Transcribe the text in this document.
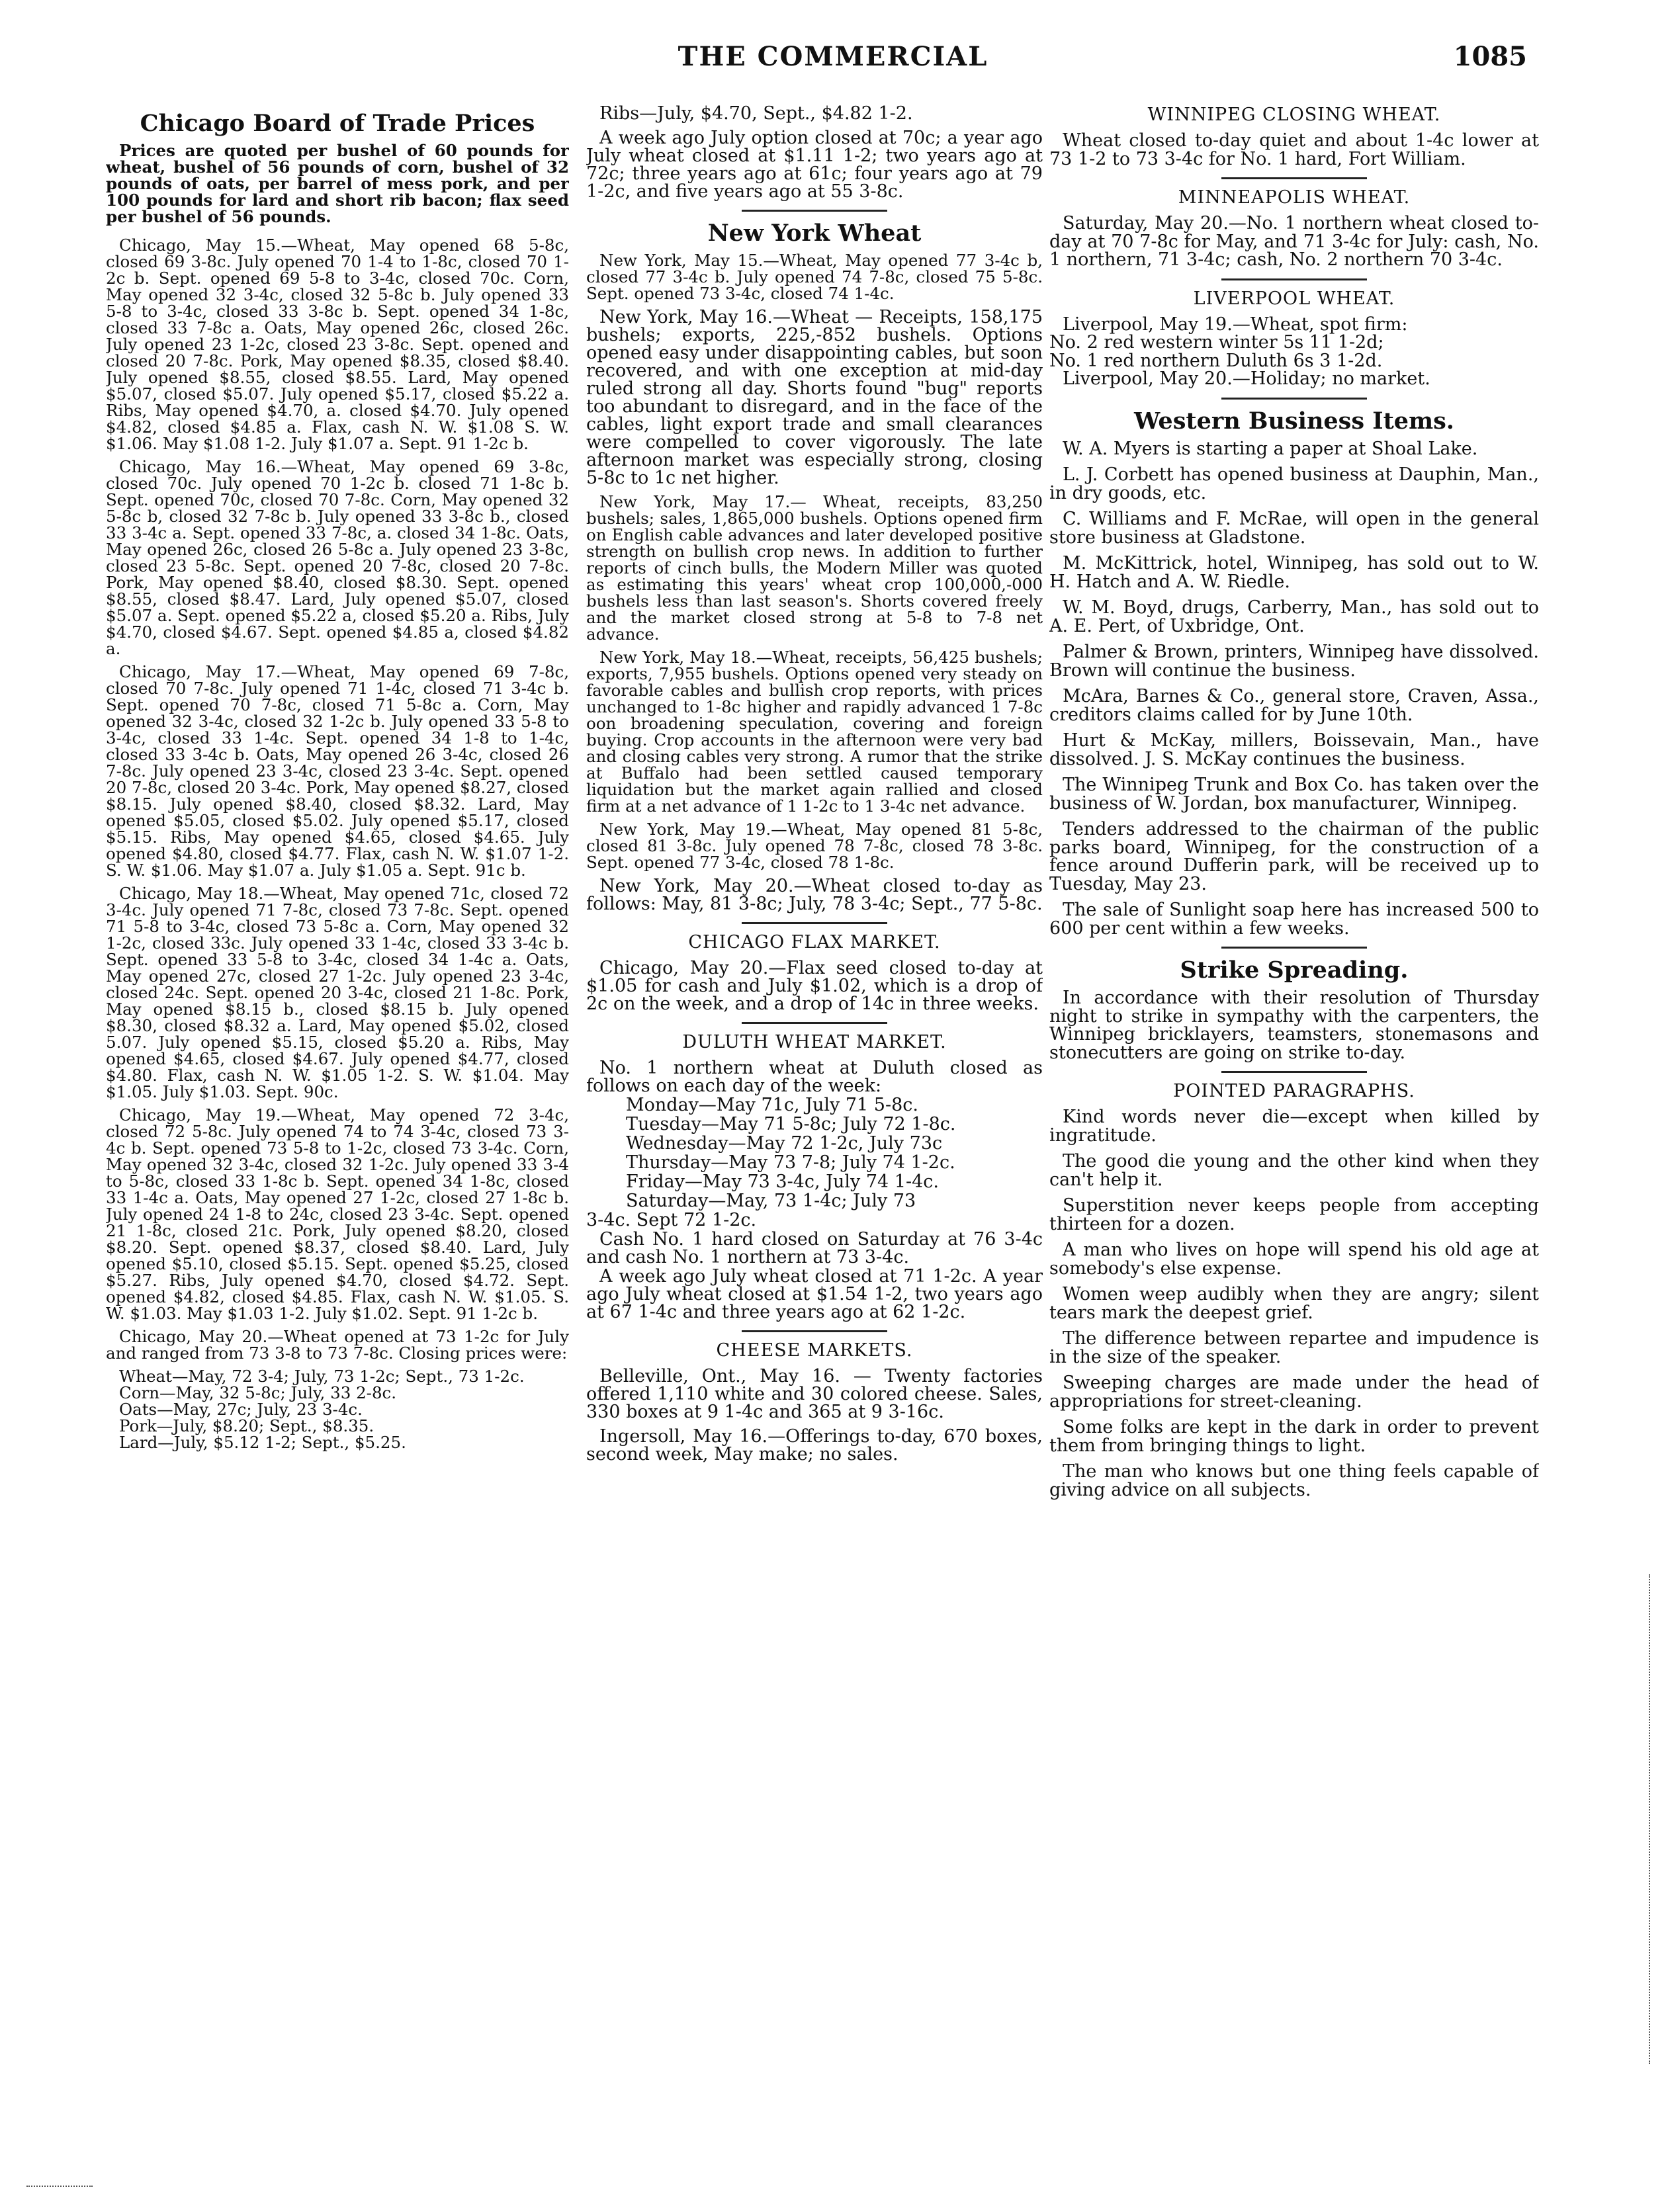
THE COMMERCIAL	1085
Chicago Board of Trade Prices

Prices are quoted per bushel of 60 pounds for wheat, bushel of 56 pounds of corn, bushel of 32 pounds of oats, per barrel of mess pork, and per 100 pounds for lard and short rib bacon; flax seed per bushel of 56 pounds.

Chicago, May 15.—Wheat, May opened 68 5-8c, closed 69 3-8c. July opened 70 1-4 to 1-8c, closed 70 1-2c b. Sept. opened 69 5-8 to 3-4c, closed 70c. Corn, May opened 32 3-4c, closed 32 5-8c b. July opened 33 5-8 to 3-4c, closed 33 3-8c b. Sept. opened 34 1-8c, closed 33 7-8c a. Oats, May opened 26c, closed 26c. July opened 23 1-2c, closed 23 3-8c. Sept. opened and closed 20 7-8c. Pork, May opened $8.35, closed $8.40. July opened $8.55, closed $8.55. Lard, May opened $5.07, closed $5.07. July opened $5.17, closed $5.22 a. Ribs, May opened $4.70, a. closed $4.70. July opened $4.82, closed $4.85 a. Flax, cash N. W. $1.08 S. W. $1.06. May $1.08 1-2. July $1.07 a. Sept. 91 1-2c b.

Chicago, May 16.—Wheat, May opened 69 3-8c, closed 70c. July opened 70 1-2c b. closed 71 1-8c b. Sept. opened 70c, closed 70 7-8c. Corn, May opened 32 5-8c b, closed 32 7-8c b. July opened 33 3-8c b., closed 33 3-4c a. Sept. opened 33 7-8c, a. closed 34 1-8c. Oats, May opened 26c, closed 26 5-8c a. July opened 23 3-8c, closed 23 5-8c. Sept. opened 20 7-8c, closed 20 7-8c. Pork, May opened $8.40, closed $8.30. Sept. opened $8.55, closed $8.47. Lard, July opened $5.07, closed $5.07 a. Sept. opened $5.22 a, closed $5.20 a. Ribs, July $4.70, closed $4.67. Sept. opened $4.85 a, closed $4.82 a.

Chicago, May 17.—Wheat, May opened 69 7-8c, closed 70 7-8c. July opened 71 1-4c, closed 71 3-4c b. Sept. opened 70 7-8c, closed 71 5-8c a. Corn, May opened 32 3-4c, closed 32 1-2c b. July opened 33 5-8 to 3-4c, closed 33 1-4c. Sept. opened 34 1-8 to 1-4c, closed 33 3-4c b. Oats, May opened 26 3-4c, closed 26 7-8c. July opened 23 3-4c, closed 23 3-4c. Sept. opened 20 7-8c, closed 20 3-4c. Pork, May opened $8.27, closed $8.15. July opened $8.40, closed $8.32. Lard, May opened $5.05, closed $5.02. July opened $5.17, closed $5.15. Ribs, May opened $4.65, closed $4.65. July opened $4.80, closed $4.77. Flax, cash N. W. $1.07 1-2. S. W. $1.06. May $1.07 a. July $1.05 a. Sept. 91c b.

Chicago, May 18.—Wheat, May opened 71c, closed 72 3-4c. July opened 71 7-8c, closed 73 7-8c. Sept. opened 71 5-8 to 3-4c, closed 73 5-8c a. Corn, May opened 32 1-2c, closed 33c. July opened 33 1-4c, closed 33 3-4c b. Sept. opened 33 5-8 to 3-4c, closed 34 1-4c a. Oats, May opened 27c, closed 27 1-2c. July opened 23 3-4c, closed 24c. Sept. opened 20 3-4c, closed 21 1-8c. Pork, May opened $8.15 b., closed $8.15 b. July opened $8.30, closed $8.32 a. Lard, May opened $5.02, closed 5.07. July opened $5.15, closed $5.20 a. Ribs, May opened $4.65, closed $4.67. July opened $4.77, closed $4.80. Flax, cash N. W. $1.05 1-2. S. W. $1.04. May $1.05. July $1.03. Sept. 90c.

Chicago, May 19.—Wheat, May opened 72 3-4c, closed 72 5-8c. July opened 74 to 74 3-4c, closed 73 3-4c b. Sept. opened 73 5-8 to 1-2c, closed 73 3-4c. Corn, May opened 32 3-4c, closed 32 1-2c. July opened 33 3-4 to 5-8c, closed 33 1-8c b. Sept. opened 34 1-8c, closed 33 1-4c a. Oats, May opened 27 1-2c, closed 27 1-8c b. July opened 24 1-8 to 24c, closed 23 3-4c. Sept. opened 21 1-8c, closed 21c. Pork, July opened $8.20, closed $8.20. Sept. opened $8.37, closed $8.40. Lard, July opened $5.10, closed $5.15. Sept. opened $5.25, closed $5.27. Ribs, July opened $4.70, closed $4.72. Sept. opened $4.82, closed $4.85. Flax, cash N. W. $1.05. S. W. $1.03. May $1.03 1-2. July $1.02. Sept. 91 1-2c b.

Chicago, May 20.—Wheat opened at 73 1-2c for July and ranged from 73 3-8 to 73 7-8c. Closing prices were:

Wheat—May, 72 3-4; July, 73 1-2c; Sept., 73 1-2c.

Corn—May, 32 5-8c; July, 33 2-8c.

Oats—May, 27c; July, 23 3-4c.

Pork—July, $8.20; Sept., $8.35.

Lard—July, $5.12 1-2; Sept., $5.25.

Ribs—July, $4.70, Sept., $4.82 1-2.

A week ago July option closed at 70c; a year ago July wheat closed at $1.11 1-2; two years ago at 72c; three years ago at 61c; four years ago at 79 1-2c, and five years ago at 55 3-8c.

New York Wheat

New York, May 15.—Wheat, May opened 77 3-4c b, closed 77 3-4c b. July opened 74 7-8c, closed 75 5-8c. Sept. opened 73 3-4c, closed 74 1-4c.

New York, May 16.—Wheat — Receipts, 158,175 bushels; exports, 225,-852 bushels. Options opened easy under disappointing cables, but soon recovered, and with one exception at mid-day ruled strong all day. Shorts found "bug" reports too abundant to disregard, and in the face of the cables, light export trade and small clearances were compelled to cover vigorously. The late afternoon market was especially strong, closing 5-8c to 1c net higher.

New York, May 17.— Wheat, receipts, 83,250 bushels; sales, 1,865,000 bushels. Options opened firm on English cable advances and later developed positive strength on bullish crop news. In addition to further reports of cinch bulls, the Modern Miller was quoted as estimating this years' wheat crop 100,000,-000 bushels less than last season's. Shorts covered freely and the market closed strong at 5-8 to 7-8 net advance.

New York, May 18.—Wheat, receipts, 56,425 bushels; exports, 7,955 bushels. Options opened very steady on favorable cables and bullish crop reports, with prices unchanged to 1-8c higher and rapidly advanced 1 7-8c oon broadening speculation, covering and foreign buying. Crop accounts in the afternoon were very bad and closing cables very strong. A rumor that the strike at Buffalo had been settled caused temporary liquidation but the market again rallied and closed firm at a net advance of 1 1-2c to 1 3-4c net advance.

New York, May 19.—Wheat, May opened 81 5-8c, closed 81 3-8c. July opened 78 7-8c, closed 78 3-8c. Sept. opened 77 3-4c, closed 78 1-8c.

New York, May 20.—Wheat closed to-day as follows: May, 81 3-8c; July, 78 3-4c; Sept., 77 5-8c.

CHICAGO FLAX MARKET.

Chicago, May 20.—Flax seed closed to-day at $1.05 for cash and July $1.02, which is a drop of 2c on the week, and a drop of 14c in three weeks.

DULUTH WHEAT MARKET.

No. 1 northern wheat at Duluth closed as follows on each day of the week:

Monday—May 71c, July 71 5-8c.

Tuesday—May 71 5-8c; July 72 1-8c.

Wednesday—May 72 1-2c, July 73c

Thursday—May 73 7-8; July 74 1-2c.

Friday—May 73 3-4c, July 74 1-4c.

Saturday—May, 73 1-4c; July 73

3-4c. Sept 72 1-2c.

Cash No. 1 hard closed on Saturday at 76 3-4c and cash No. 1 northern at 73 3-4c.

A week ago July wheat closed at 71 1-2c. A year ago July wheat closed at $1.54 1-2, two years ago at 67 1-4c and three years ago at 62 1-2c.

CHEESE MARKETS.

Belleville, Ont., May 16. — Twenty factories offered 1,110 white and 30 colored cheese. Sales, 330 boxes at 9 1-4c and 365 at 9 3-16c.

Ingersoll, May 16.—Offerings to-day, 670 boxes, second week, May make; no sales.

WINNIPEG CLOSING WHEAT.

Wheat closed to-day quiet and about 1-4c lower at 73 1-2 to 73 3-4c for No. 1 hard, Fort William.

MINNEAPOLIS WHEAT.

Saturday, May 20.—No. 1 northern wheat closed to-day at 70 7-8c for May, and 71 3-4c for July: cash, No. 1 northern, 71 3-4c; cash, No. 2 northern 70 3-4c.

LIVERPOOL WHEAT.

Liverpool, May 19.—Wheat, spot firm:

No. 2 red western winter 5s 11 1-2d;

No. 1 red northern Duluth 6s 3 1-2d.

Liverpool, May 20.—Holiday; no market.

Western Business Items.

W. A. Myers is starting a paper at Shoal Lake.

L. J. Corbett has opened business at Dauphin, Man., in dry goods, etc.

C. Williams and F. McRae, will open in the general store business at Gladstone.

M. McKittrick, hotel, Winnipeg, has sold out to W. H. Hatch and A. W. Riedle.

W. M. Boyd, drugs, Carberry, Man., has sold out to A. E. Pert, of Uxbridge, Ont.

Palmer & Brown, printers, Winnipeg have dissolved. Brown will continue the business.

McAra, Barnes & Co., general store, Craven, Assa., creditors claims called for by June 10th.

Hurt & McKay, millers, Boissevain, Man., have dissolved. J. S. McKay continues the business.

The Winnipeg Trunk and Box Co. has taken over the business of W. Jordan, box manufacturer, Winnipeg.

Tenders addressed to the chairman of the public parks board, Winnipeg, for the construction of a fence around Dufferin park, will be received up to Tuesday, May 23.

The sale of Sunlight soap here has increased 500 to 600 per cent within a few weeks.

Strike Spreading.

In accordance with their resolution of Thursday night to strike in sympathy with the carpenters, the Winnipeg bricklayers, teamsters, stonemasons and stonecutters are going on strike to-day.

POINTED PARAGRAPHS.

Kind words never die—except when killed by ingratitude.

The good die young and the other kind when they can't help it.

Superstition never keeps people from accepting thirteen for a dozen.

A man who lives on hope will spend his old age at somebody's else expense.

Women weep audibly when they are angry; silent tears mark the deepest grief.

The difference between repartee and impudence is in the size of the speaker.

Sweeping charges are made under the head of appropriations for street-cleaning.

Some folks are kept in the dark in order to prevent them from bringing things to light.

The man who knows but one thing feels capable of giving advice on all subjects.
